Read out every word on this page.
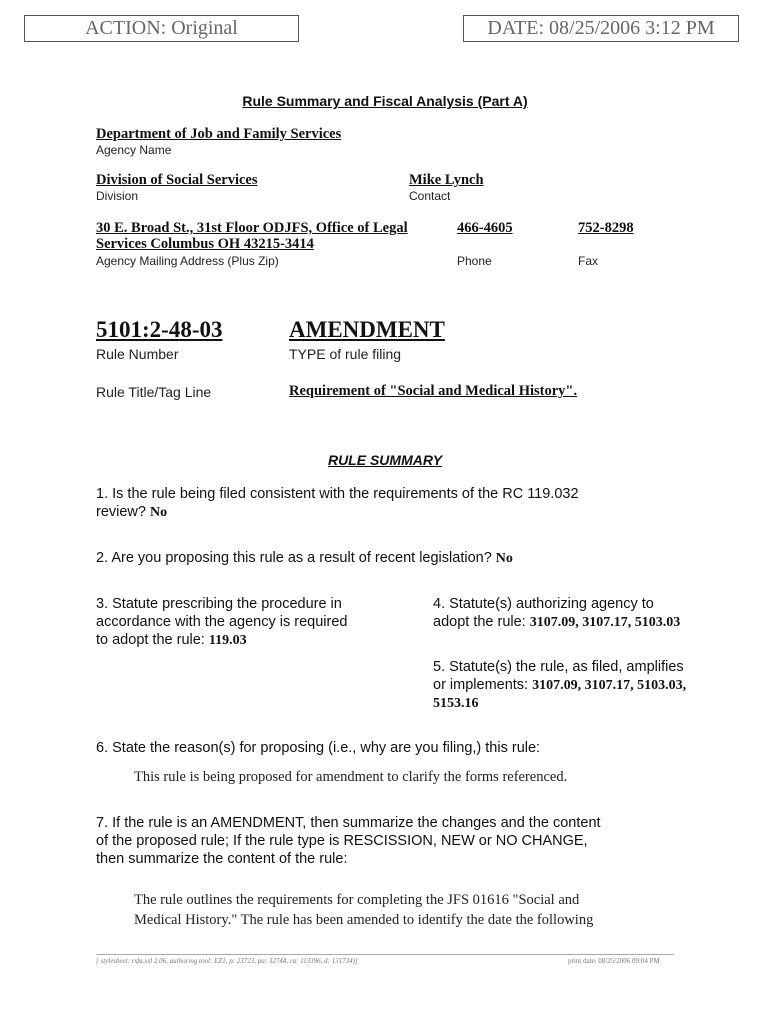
ACTION: Original	DATE: 08/25/2006 3:12 PM
Rule Summary and Fiscal Analysis (Part A)
Department of Job and Family Services
Agency Name
Division of Social Services
Division
Mike Lynch
Contact
30 E. Broad St., 31st Floor ODJFS, Office of Legal
Services Columbus OH 43215-3414
Agency Mailing Address (Plus Zip)
466-4605
Phone
752-8298
Fax
5101:2-48-03
Rule Number
AMENDMENT
TYPE of rule filing
Rule Title/Tag Line	Requirement of "Social and Medical History".
RULE SUMMARY
1. Is the rule being filed consistent with the requirements of the RC 119.032
review? No
2. Are you proposing this rule as a result of recent legislation? No
3. Statute prescribing the procedure in
accordance with the agency is required
to adopt the rule: 119.03
4. Statute(s) authorizing agency to
adopt the rule: 3107.09, 3107.17, 5103.03
5. Statute(s) the rule, as filed, amplifies
or implements: 3107.09, 3107.17, 5103.03,
5153.16
6. State the reason(s) for proposing (i.e., why are you filing,) this rule:
This rule is being proposed for amendment to clarify the forms referenced.
7. If the rule is an AMENDMENT, then summarize the changes and the content
of the proposed rule; If the rule type is RESCISSION, NEW or NO CHANGE,
then summarize the content of the rule:
The rule outlines the requirements for completing the JFS 01616 "Social and
Medical History." The rule has been amended to identify the date the following
[ stylesheet: rsfa.xsl 2.06, authoring tool: EZ1, p: 23723, pa: 32744, ra: 113396, d: 131734)]	print date: 08/25/2006 09:04 PM
